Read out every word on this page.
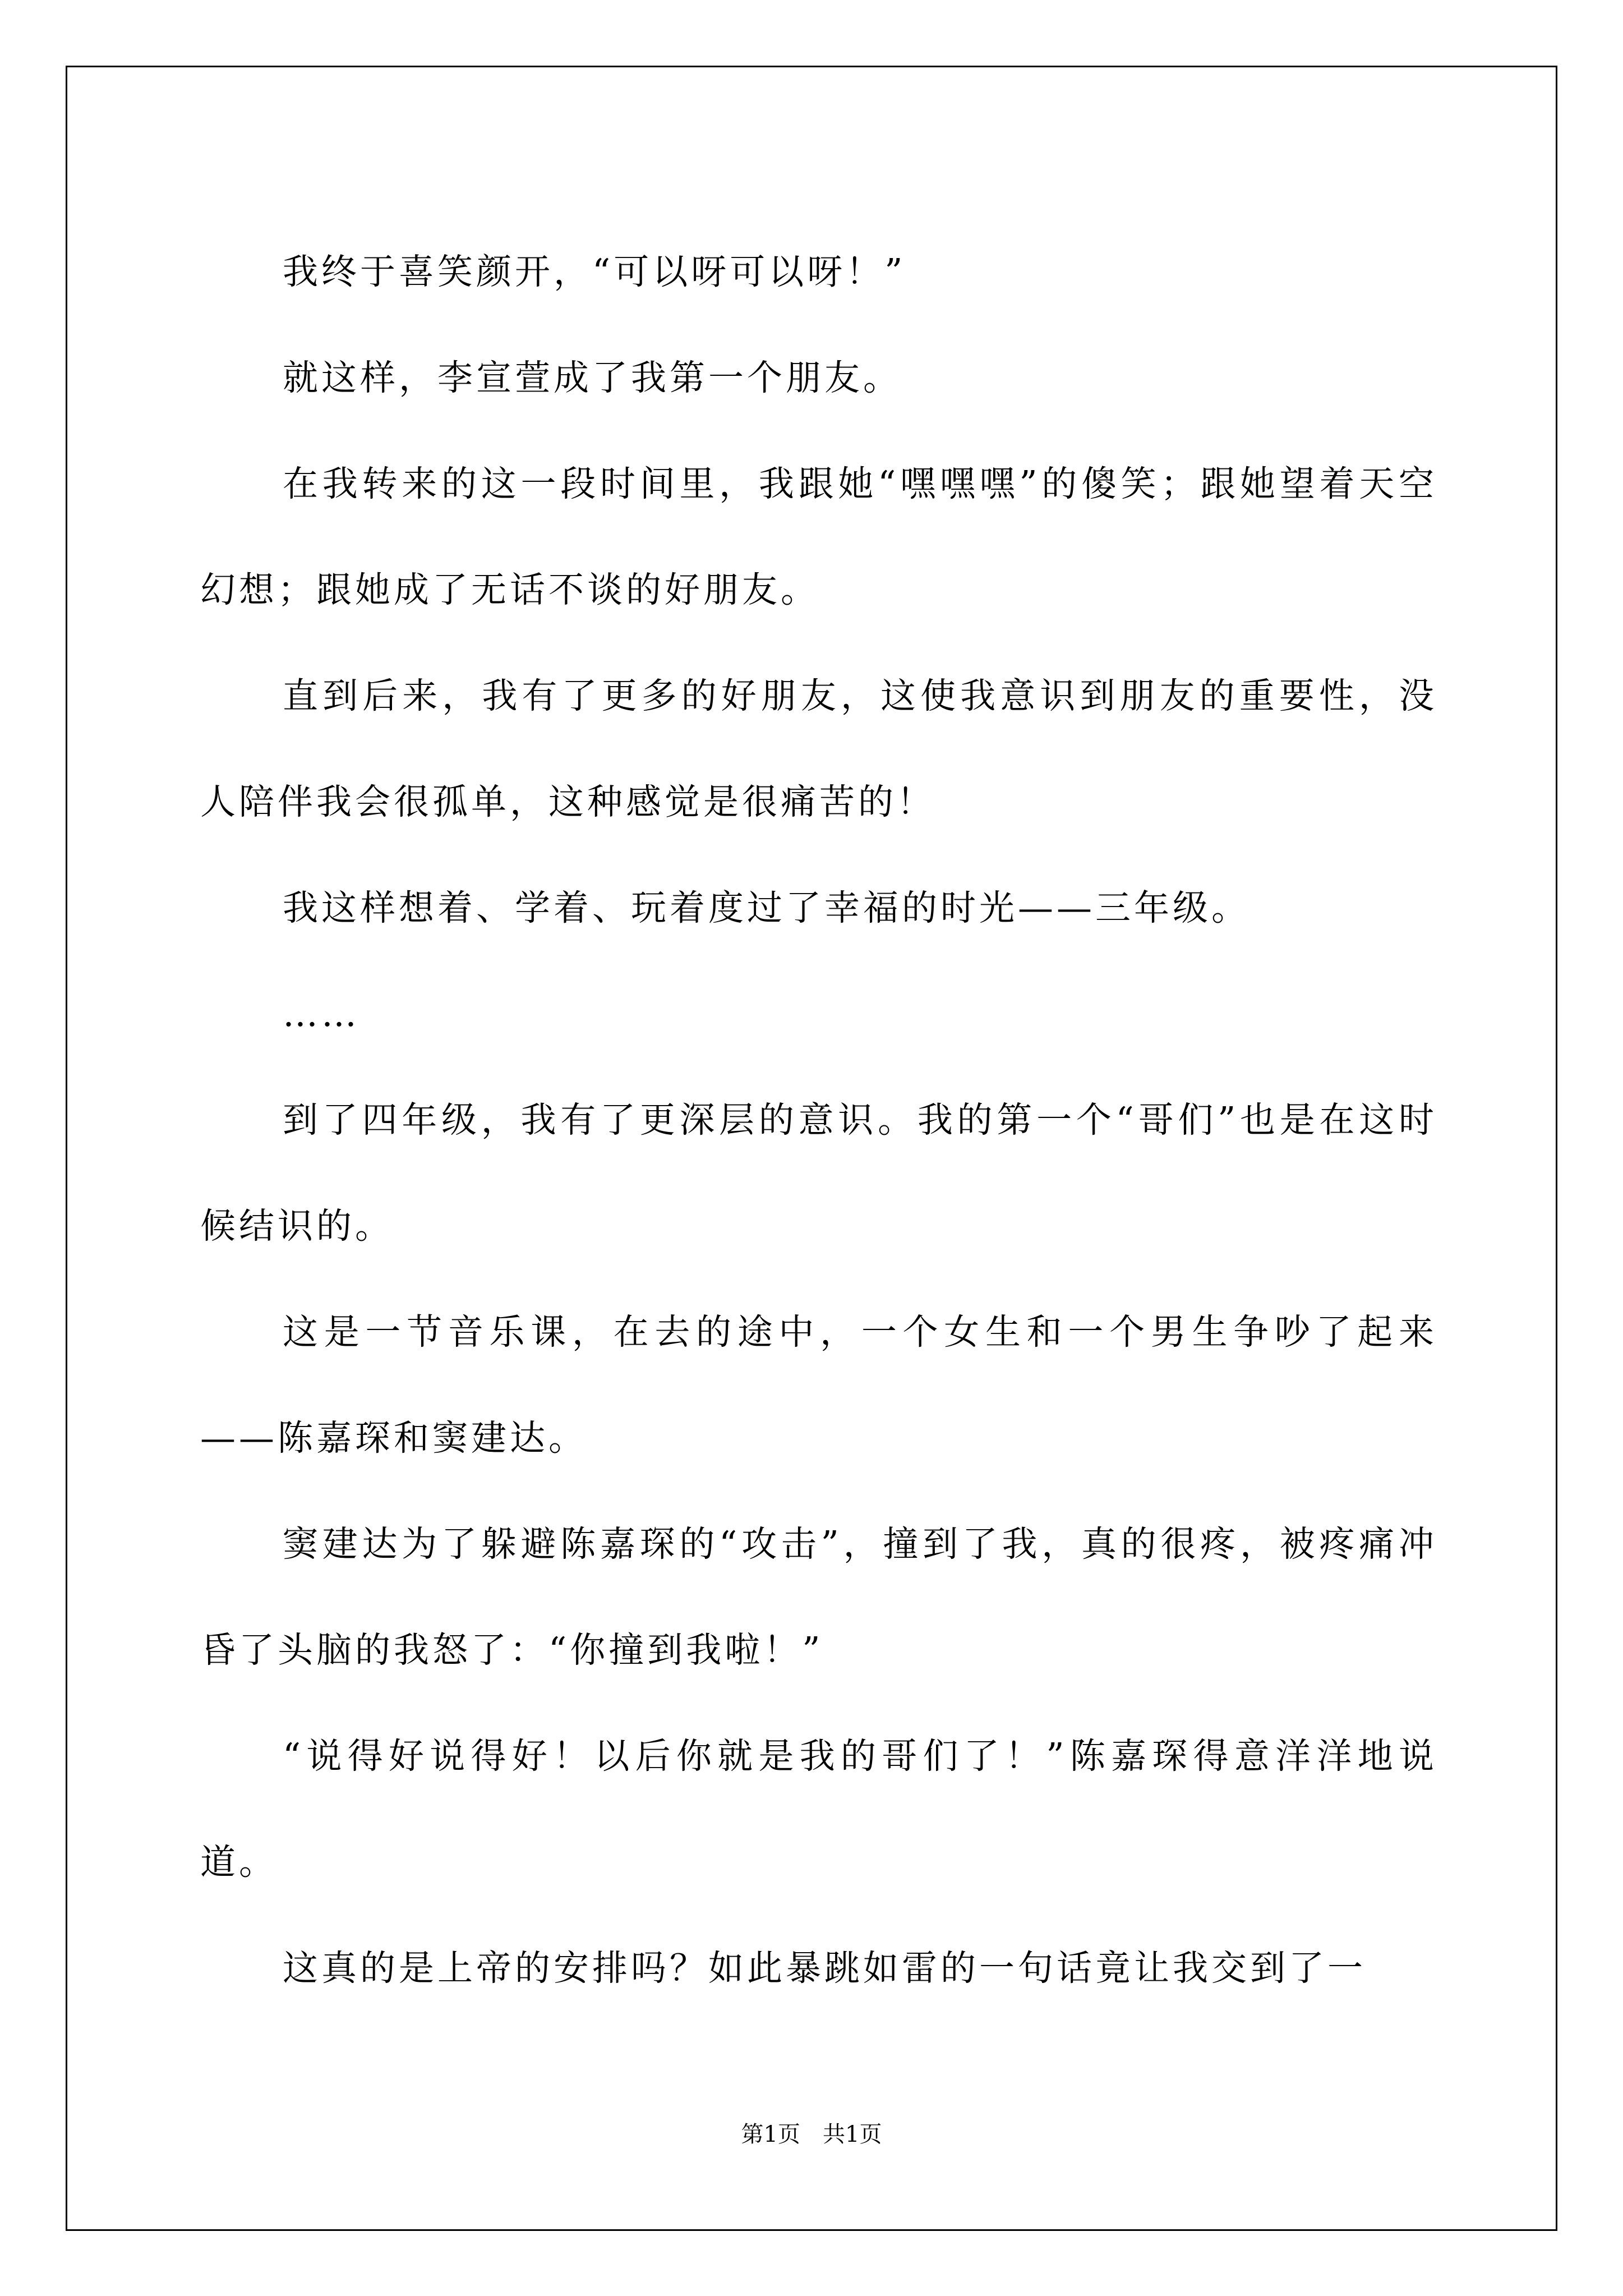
我终于喜笑颜开，“可以呀可以呀！”

就这样，李宣萱成了我第一个朋友。

在我转来的这一段时间里，我跟她“嘿嘿嘿”的傻笑；跟她望着天空幻想；跟她成了无话不谈的好朋友。

直到后来，我有了更多的好朋友，这使我意识到朋友的重要性，没人陪伴我会很孤单，这种感觉是很痛苦的！

我这样想着、学着、玩着度过了幸福的时光——三年级。

……

到了四年级，我有了更深层的意识。我的第一个“哥们”也是在这时候结识的。

这是一节音乐课，在去的途中，一个女生和一个男生争吵了起来——陈嘉琛和窦建达。

窦建达为了躲避陈嘉琛的“攻击”，撞到了我，真的很疼，被疼痛冲昏了头脑的我怒了：“你撞到我啦！”

“说得好说得好！以后你就是我的哥们了！”陈嘉琛得意洋洋地说道。

这真的是上帝的安排吗？如此暴跳如雷的一句话竟让我交到了一

第1页　共1页
